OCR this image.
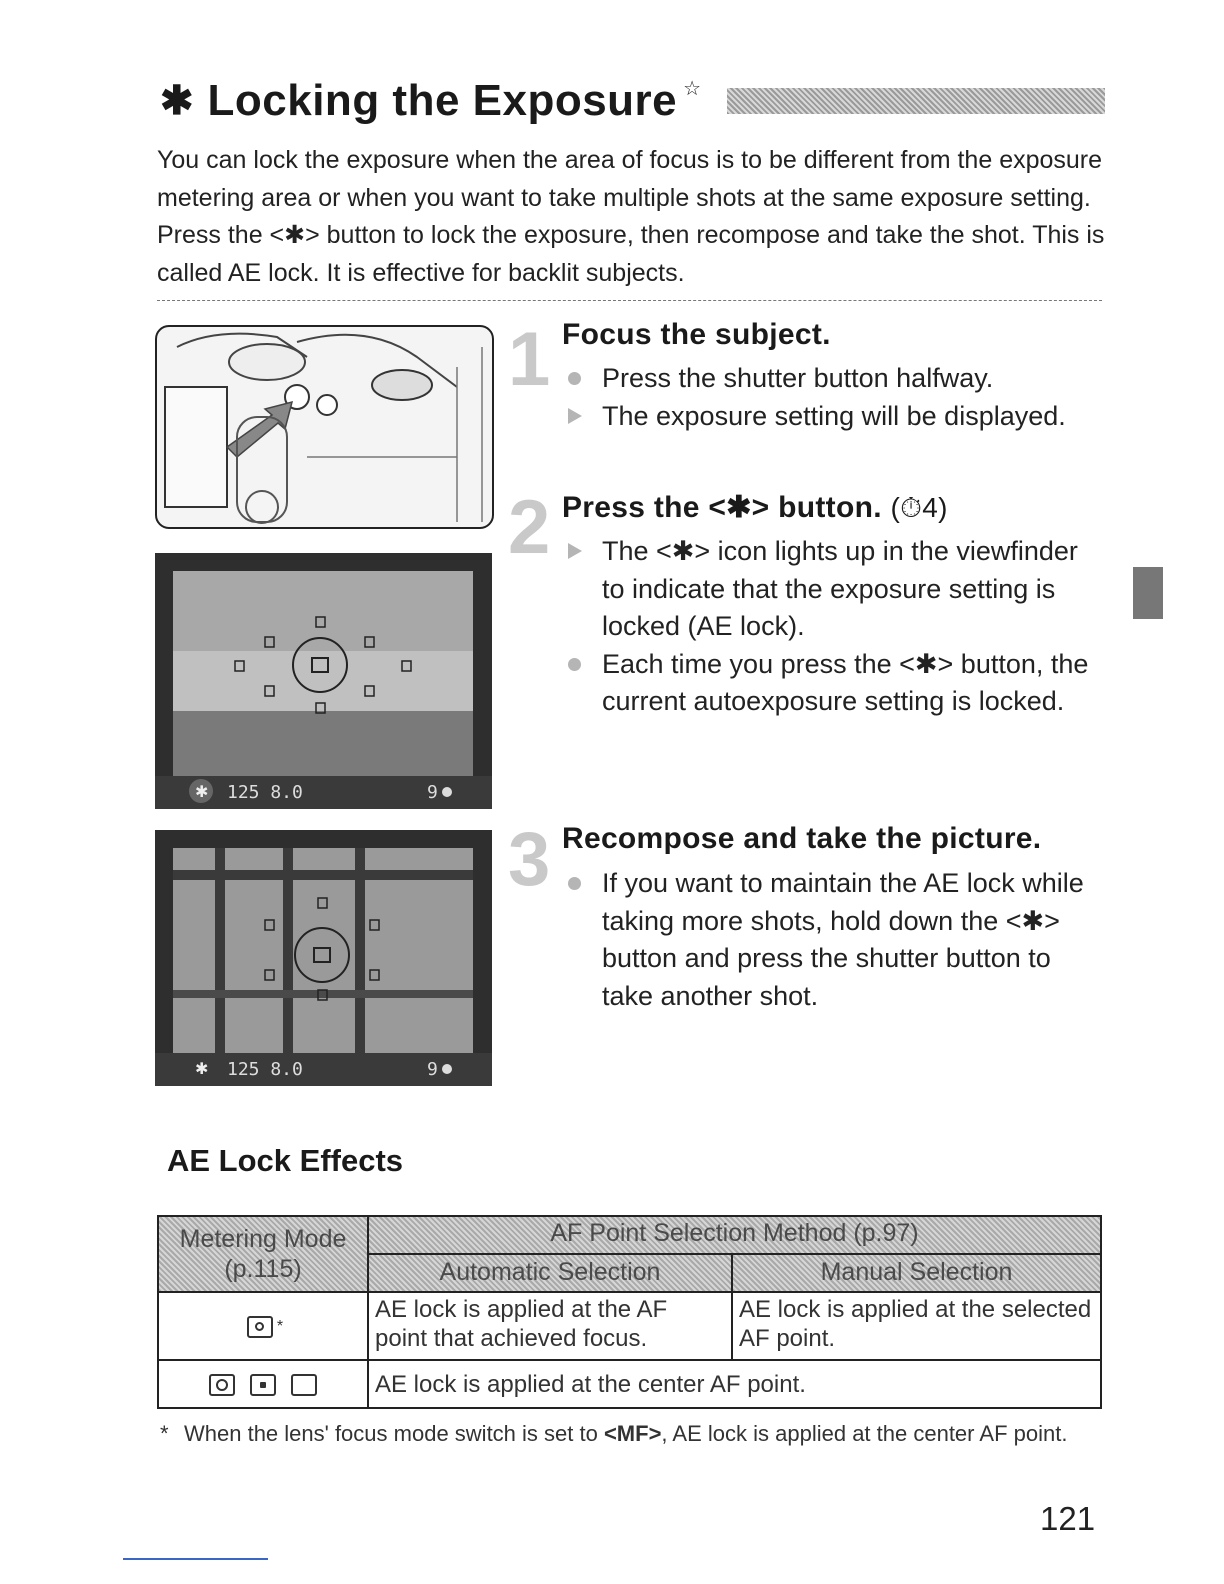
✱ Locking the Exposure ☆
You can lock the exposure when the area of focus is to be different from the exposure metering area or when you want to take multiple shots at the same exposure setting. Press the <✱> button to lock the exposure, then recompose and take the shot. This is called AE lock. It is effective for backlit subjects.
✱ 125 8.0	9
✱ 125 8.0	9
1 Focus the subject.
Press the shutter button halfway.
The exposure setting will be displayed.
2 Press the <✱> button. (⏱4)
The <✱> icon lights up in the viewfinder to indicate that the exposure setting is locked (AE lock).
Each time you press the <✱> button, the current autoexposure setting is locked.
3 Recompose and take the picture.
If you want to maintain the AE lock while taking more shots, hold down the <✱> button and press the shutter button to take another shot.
AE Lock Effects
Metering Mode
(p.115)	AF Point Selection Method (p.97)	
	Automatic Selection	Manual Selection
*	AE lock is applied at the AF point that achieved focus.	AE lock is applied at the selected AF point.
	AE lock is applied at the center AF point.	
* When the lens' focus mode switch is set to <MF>, AE lock is applied at the center AF point.
121
